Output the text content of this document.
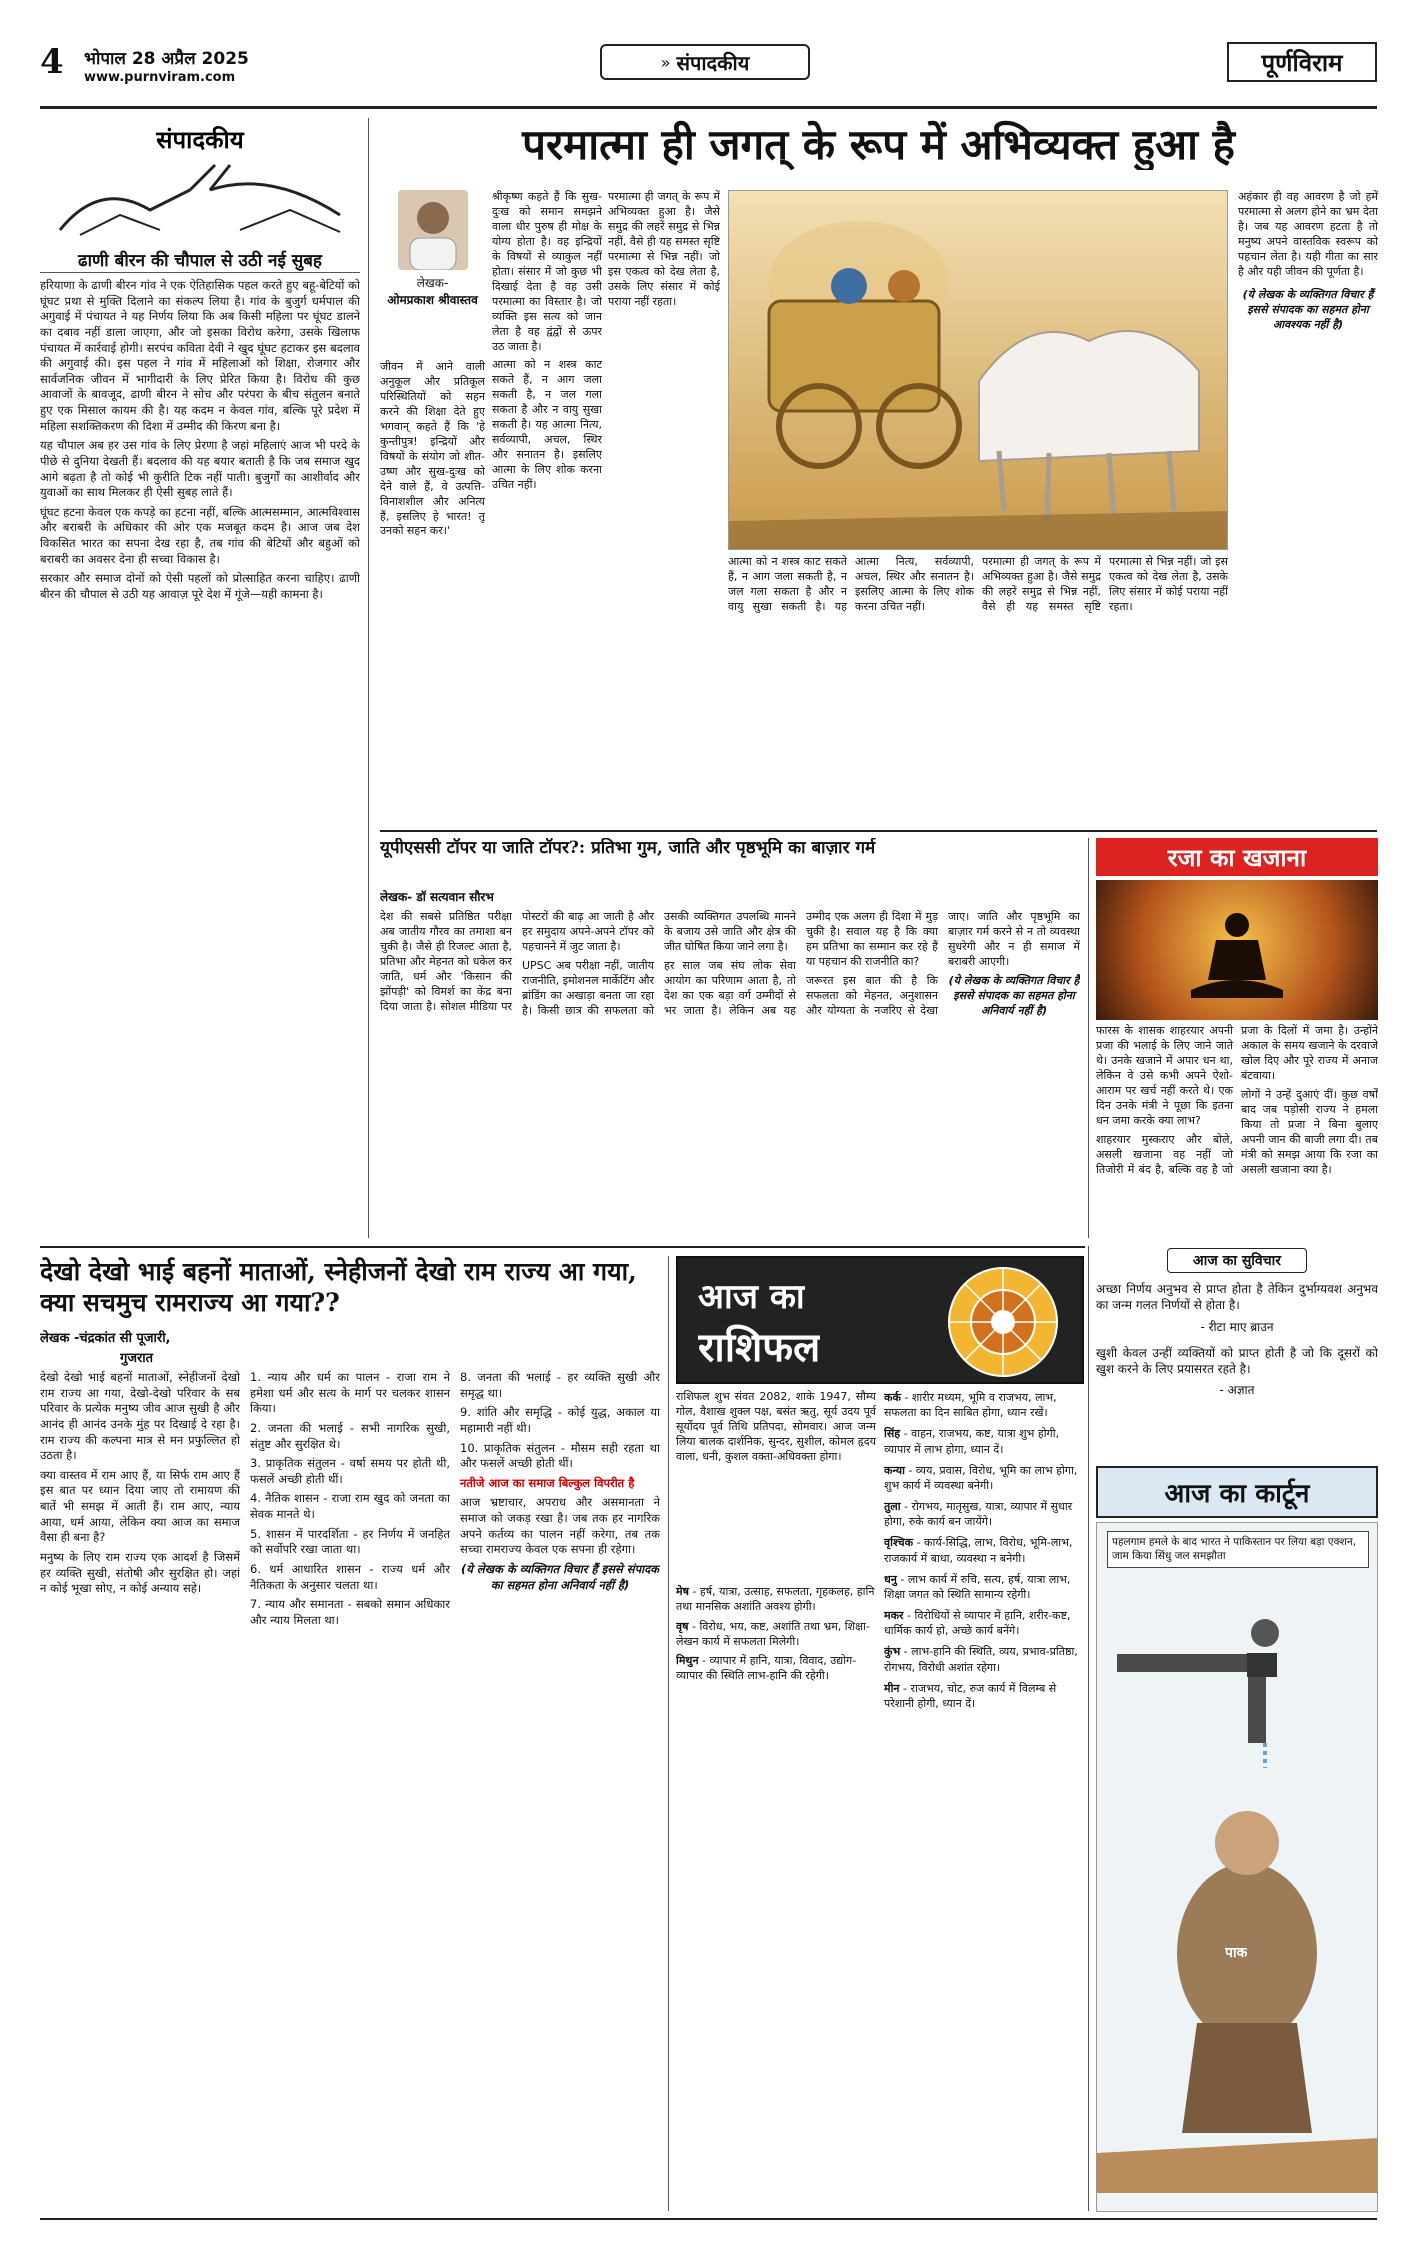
4 भोपाल 28 अप्रैल 2025
www.purnviram.com
» संपादकीय	पूर्णविराम
संपादकीय
ढाणी बीरन की चौपाल से उठी नई सुबह

हरियाणा के ढाणी बीरन गांव ने एक ऐतिहासिक पहल करते हुए बहू-बेटियों को घूंघट प्रथा से मुक्ति दिलाने का संकल्प लिया है। गांव के बुजुर्ग धर्मपाल की अगुवाई में पंचायत ने यह निर्णय लिया कि अब किसी महिला पर घूंघट डालने का दबाव नहीं डाला जाएगा, और जो इसका विरोध करेगा, उसके खिलाफ पंचायत में कार्रवाई होगी। सरपंच कविता देवी ने खुद घूंघट हटाकर इस बदलाव की अगुवाई की। इस पहल ने गांव में महिलाओं को शिक्षा, रोजगार और सार्वजनिक जीवन में भागीदारी के लिए प्रेरित किया है। विरोध की कुछ आवाजों के बावजूद, ढाणी बीरन ने सोच और परंपरा के बीच संतुलन बनाते हुए एक मिसाल कायम की है। यह कदम न केवल गांव, बल्कि पूरे प्रदेश में महिला सशक्तिकरण की दिशा में उम्मीद की किरण बना है।

यह चौपाल अब हर उस गांव के लिए प्रेरणा है जहां महिलाएं आज भी परदे के पीछे से दुनिया देखती हैं। बदलाव की यह बयार बताती है कि जब समाज खुद आगे बढ़ता है तो कोई भी कुरीति टिक नहीं पाती। बुजुर्गों का आशीर्वाद और युवाओं का साथ मिलकर ही ऐसी सुबह लाते हैं।

घूंघट हटना केवल एक कपड़े का हटना नहीं, बल्कि आत्मसम्मान, आत्मविश्वास और बराबरी के अधिकार की ओर एक मजबूत कदम है। आज जब देश विकसित भारत का सपना देख रहा है, तब गांव की बेटियों और बहुओं को बराबरी का अवसर देना ही सच्चा विकास है।

सरकार और समाज दोनों को ऐसी पहलों को प्रोत्साहित करना चाहिए। ढाणी बीरन की चौपाल से उठी यह आवाज़ पूरे देश में गूंजे—यही कामना है।

परमात्मा ही जगत् के रूप में अभिव्यक्त हुआ है
लेखक-
ओमप्रकाश श्रीवास्तव

जीवन में आने वाली अनुकूल और प्रतिकूल परिस्थितियों को सहन करने की शिक्षा देते हुए भगवान् कहते हैं कि 'हे कुन्तीपुत्र! इन्द्रियों और विषयों के संयोग जो शीत-उष्ण और सुख-दुःख को देने वाले हैं, वे उत्पत्ति-विनाशशील और अनित्य हैं, इसलिए हे भारत! तू उनको सहन कर।'

श्रीकृष्ण कहते हैं कि सुख-दुःख को समान समझने वाला धीर पुरुष ही मोक्ष के योग्य होता है। वह इन्द्रियों के विषयों से व्याकुल नहीं होता। संसार में जो कुछ भी दिखाई देता है वह उसी परमात्मा का विस्तार है। जो व्यक्ति इस सत्य को जान लेता है वह द्वंद्वों से ऊपर उठ जाता है।

आत्मा को न शस्त्र काट सकते हैं, न आग जला सकती है, न जल गला सकता है और न वायु सुखा सकती है। यह आत्मा नित्य, सर्वव्यापी, अचल, स्थिर और सनातन है। इसलिए आत्मा के लिए शोक करना उचित नहीं।

परमात्मा ही जगत् के रूप में अभिव्यक्त हुआ है। जैसे समुद्र की लहरें समुद्र से भिन्न नहीं, वैसे ही यह समस्त सृष्टि परमात्मा से भिन्न नहीं। जो इस एकत्व को देख लेता है, उसके लिए संसार में कोई पराया नहीं रहता।

अहंकार ही वह आवरण है जो हमें परमात्मा से अलग होने का भ्रम देता है। जब यह आवरण हटता है तो मनुष्य अपने वास्तविक स्वरूप को पहचान लेता है। यही गीता का सार है और यही जीवन की पूर्णता है।

(ये लेखक के व्यक्तिगत विचार हैं इससे संपादक का सहमत होना आवश्यक नहीं है)

आत्मा को न शस्त्र काट सकते हैं, न आग जला सकती है, न जल गला सकता है और न वायु सुखा सकती है। यह आत्मा नित्य, सर्वव्यापी, अचल, स्थिर और सनातन है। इसलिए आत्मा के लिए शोक करना उचित नहीं।

परमात्मा ही जगत् के रूप में अभिव्यक्त हुआ है। जैसे समुद्र की लहरें समुद्र से भिन्न नहीं, वैसे ही यह समस्त सृष्टि परमात्मा से भिन्न नहीं। जो इस एकत्व को देख लेता है, उसके लिए संसार में कोई पराया नहीं रहता।

यूपीएससी टॉपर या जाति टॉपर?: प्रतिभा गुम, जाति और पृष्ठभूमि का बाज़ार गर्म
लेखक- डॉ सत्यवान सौरभ

देश की सबसे प्रतिष्ठित परीक्षा अब जातीय गौरव का तमाशा बन चुकी है। जैसे ही रिजल्ट आता है, प्रतिभा और मेहनत को धकेल कर जाति, धर्म और 'किसान की झोंपड़ी' को विमर्श का केंद्र बना दिया जाता है। सोशल मीडिया पर पोस्टरों की बाढ़ आ जाती है और हर समुदाय अपने-अपने टॉपर को पहचानने में जुट जाता है।

UPSC अब परीक्षा नहीं, जातीय राजनीति, इमोशनल मार्केटिंग और ब्रांडिंग का अखाड़ा बनता जा रहा है। किसी छात्र की सफलता को उसकी व्यक्तिगत उपलब्धि मानने के बजाय उसे जाति और क्षेत्र की जीत घोषित किया जाने लगा है।

हर साल जब संघ लोक सेवा आयोग का परिणाम आता है, तो देश का एक बड़ा वर्ग उम्मीदों से भर जाता है। लेकिन अब यह उम्मीद एक अलग ही दिशा में मुड़ चुकी है। सवाल यह है कि क्या हम प्रतिभा का सम्मान कर रहे हैं या पहचान की राजनीति का?

जरूरत इस बात की है कि सफलता को मेहनत, अनुशासन और योग्यता के नजरिए से देखा जाए। जाति और पृष्ठभूमि का बाज़ार गर्म करने से न तो व्यवस्था सुधरेगी और न ही समाज में बराबरी आएगी।

(ये लेखक के व्यक्तिगत विचार हैं इससे संपादक का सहमत होना अनिवार्य नहीं है)

रजा का खजाना

फारस के शासक शाहरयार अपनी प्रजा की भलाई के लिए जाने जाते थे। उनके खजाने में अपार धन था, लेकिन वे उसे कभी अपने ऐशो-आराम पर खर्च नहीं करते थे। एक दिन उनके मंत्री ने पूछा कि इतना धन जमा करके क्या लाभ?

शाहरयार मुस्कराए और बोले, असली खजाना वह नहीं जो तिजोरी में बंद है, बल्कि वह है जो प्रजा के दिलों में जमा है। उन्होंने अकाल के समय खजाने के दरवाजे खोल दिए और पूरे राज्य में अनाज बंटवाया।

लोगों ने उन्हें दुआएं दीं। कुछ वर्षों बाद जब पड़ोसी राज्य ने हमला किया तो प्रजा ने बिना बुलाए अपनी जान की बाजी लगा दी। तब मंत्री को समझ आया कि रजा का असली खजाना क्या है।

आज का सुविचार
अच्छा निर्णय अनुभव से प्राप्त होता है तेकिन दुर्भाग्यवश अनुभव का जन्म गलत निर्णयों से होता है।
- रीटा माए ब्राउन
खुशी केवल उन्हीं व्यक्तियों को प्राप्त होती है जो कि दूसरों को खुश करने के लिए प्रयासरत रहते है।
- अज्ञात
आज का कार्टून
पहलगाम हमले के बाद भारत ने पाकिस्तान पर लिया बड़ा एक्शन, जाम किया सिंधु जल समझौता
पाक
देखो देखो भाई बहनों माताओं, स्नेहीजनों देखो राम राज्य आ गया, क्या सचमुच रामराज्य आ गया??
लेखक -चंद्रकांत सी पूजारी,
गुजरात

देखो देखो भाई बहनों माताओं, स्नेहीजनों देखो राम राज्य आ गया, देखो-देखो परिवार के सब परिवार के प्रत्येक मनुष्य जीव आज सुखी है और आनंद ही आनंद उनके मुंह पर दिखाई दे रहा है। राम राज्य की कल्पना मात्र से मन प्रफुल्लित हो उठता है।

क्या वास्तव में राम आए हैं, या सिर्फ राम आए हैं इस बात पर ध्यान दिया जाए तो रामायण की बातें भी समझ में आती हैं। राम आए, न्याय आया, धर्म आया, लेकिन क्या आज का समाज वैसा ही बना है?

मनुष्य के लिए राम राज्य एक आदर्श है जिसमें हर व्यक्ति सुखी, संतोषी और सुरक्षित हो। जहां न कोई भूखा सोए, न कोई अन्याय सहे।

1. न्याय और धर्म का पालन - राजा राम ने हमेशा धर्म और सत्य के मार्ग पर चलकर शासन किया।

2. जनता की भलाई - सभी नागरिक सुखी, संतुष्ट और सुरक्षित थे।

3. प्राकृतिक संतुलन - वर्षा समय पर होती थी, फसलें अच्छी होती थीं।

4. नैतिक शासन - राजा राम खुद को जनता का सेवक मानते थे।

5. शासन में पारदर्शिता - हर निर्णय में जनहित को सर्वोपरि रखा जाता था।

6. धर्म आधारित शासन - राज्य धर्म और नैतिकता के अनुसार चलता था।

7. न्याय और समानता - सबको समान अधिकार और न्याय मिलता था।

8. जनता की भलाई - हर व्यक्ति सुखी और समृद्ध था।

9. शांति और समृद्धि - कोई युद्ध, अकाल या महामारी नहीं थी।

10. प्राकृतिक संतुलन - मौसम सही रहता था और फसलें अच्छी होती थीं।

नतीजे आज का समाज बिल्कुल विपरीत है

आज भ्रष्टाचार, अपराध और असमानता ने समाज को जकड़ रखा है। जब तक हर नागरिक अपने कर्तव्य का पालन नहीं करेगा, तब तक सच्चा रामराज्य केवल एक सपना ही रहेगा।

(ये लेखक के व्यक्तिगत विचार हैं इससे संपादक का सहमत होना अनिवार्य नहीं है)

आज का
राशिफल
राशिफल शुभ संवत 2082, शाके 1947, सौम्य गोल, वैशाख शुक्ल पक्ष, बसंत ऋतु, सूर्य उदय पूर्व सूर्योदय पूर्व तिथि प्रतिपदा, सोमवार। आज जन्म लिया बालक दार्शनिक, सुन्दर, सुशील, कोमल हृदय वाला, धनी, कुशल वक्ता-अधिवक्ता होगा।
मेष - हर्ष, यात्रा, उत्साह, सफलता, गृहकलह, हानि तथा मानसिक अशांति अवश्य होगी।
वृष - विरोध, भय, कष्ट, अशांति तथा भ्रम, शिक्षा-लेखन कार्य में सफलता मिलेगी।
मिथुन - व्यापार में हानि, यात्रा, विवाद, उद्योग-व्यापार की स्थिति लाभ-हानि की रहेगी।
कर्क - शारीर मध्यम, भूमि व राजभय, लाभ, सफलता का दिन साबित होगा, ध्यान रखें।
सिंह - वाहन, राजभय, कष्ट, यात्रा शुभ होगी, व्यापार में लाभ होगा, ध्यान दें।
कन्या - व्यय, प्रवास, विरोध, भूमि का लाभ होगा, शुभ कार्य में व्यवस्था बनेगी।
तुला - रोगभय, मातृसुख, यात्रा, व्यापार में सुधार होगा, रुके कार्य बन जायेंगे।
वृश्चिक - कार्य-सिद्धि, लाभ, विरोध, भूमि-लाभ, राजकार्य में बाधा, व्यवस्था न बनेगी।
धनु - लाभ कार्य में रुचि, सत्य, हर्ष, यात्रा लाभ, शिक्षा जगत को स्थिति सामान्य रहेगी।
मकर - विरोधियों से व्यापार में हानि, शरीर-कष्ट, धार्मिक कार्य हो, अच्छे कार्य बनेंगे।
कुंभ - लाभ-हानि की स्थिति, व्यय, प्रभाव-प्रतिष्ठा, रोगभय, विरोधी अशांत रहेगा।
मीन - राजभय, चोट, रुज कार्य में विलम्ब से परेशानी होगी, ध्यान दें।
